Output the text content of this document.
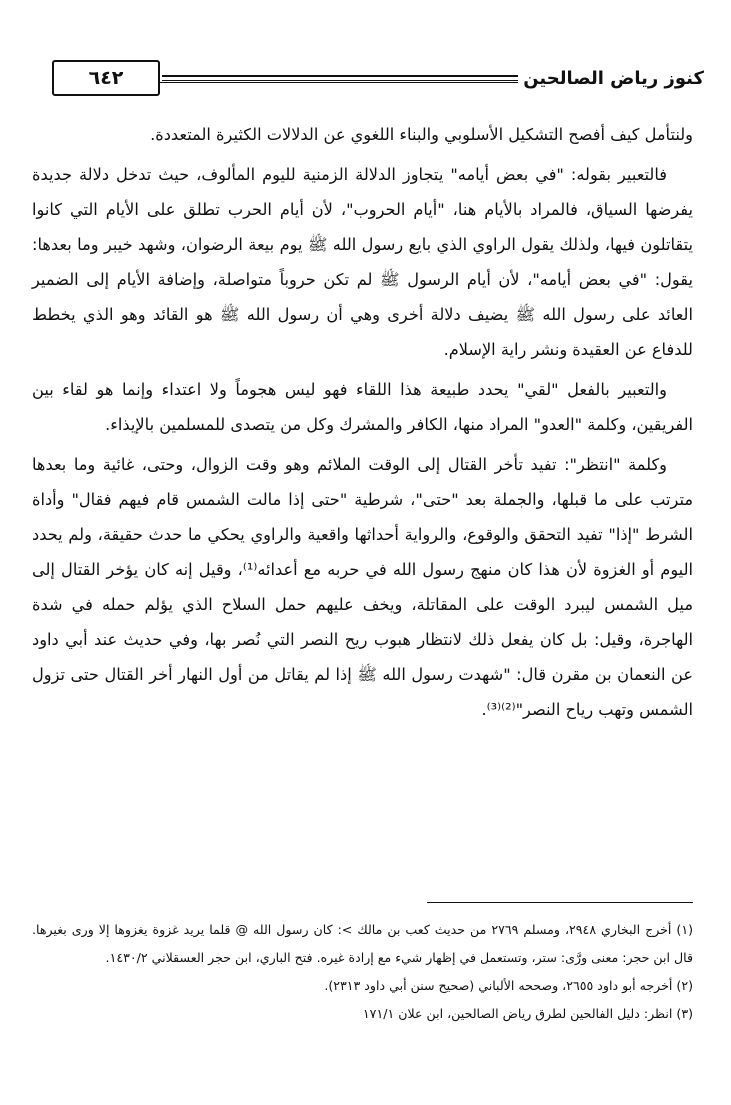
كنوز رياض الصالحين
٦٤٢

ولنتأمل كيف أفصح التشكيل الأسلوبي والبناء اللغوي عن الدلالات الكثيرة المتعددة.

فالتعبير بقوله: "في بعض أيامه" يتجاوز الدلالة الزمنية لليوم المألوف، حيث تدخل دلالة جديدة يفرضها السياق، فالمراد بالأيام هنا، "أيام الحروب"، لأن أيام الحرب تطلق على الأيام التي كانوا يتقاتلون فيها، ولذلك يقول الراوي الذي بايع رسول الله ﷺ يوم بيعة الرضوان، وشهد خيبر وما بعدها: يقول: "في بعض أيامه"، لأن أيام الرسول ﷺ لم تكن حروباً متواصلة، وإضافة الأيام إلى الضمير العائد على رسول الله ﷺ يضيف دلالة أخرى وهي أن رسول الله ﷺ هو القائد وهو الذي يخطط للدفاع عن العقيدة ونشر راية الإسلام.

والتعبير بالفعل "لقي" يحدد طبيعة هذا اللقاء فهو ليس هجوماً ولا اعتداء وإنما هو لقاء بين الفريقين، وكلمة "العدو" المراد منها، الكافر والمشرك وكل من يتصدى للمسلمين بالإيذاء.

وكلمة "انتظر": تفيد تأخر القتال إلى الوقت الملائم وهو وقت الزوال، وحتى، غائية وما بعدها مترتب على ما قبلها، والجملة بعد "حتى"، شرطية "حتى إذا مالت الشمس قام فيهم فقال" وأداة الشرط "إذا" تفيد التحقق والوقوع، والرواية أحداثها واقعية والراوي يحكي ما حدث حقيقة، ولم يحدد اليوم أو الغزوة لأن هذا كان منهج رسول الله في حربه مع أعدائه⁽¹⁾، وقيل إنه كان يؤخر القتال إلى ميل الشمس ليبرد الوقت على المقاتلة، ويخف عليهم حمل السلاح الذي يؤلم حمله في شدة الهاجرة، وقيل: بل كان يفعل ذلك لانتظار هبوب ريح النصر التي نُصر بها، وفي حديث عند أبي داود عن النعمان بن مقرن قال: "شهدت رسول الله ﷺ إذا لم يقاتل من أول النهار أخر القتال حتى تزول الشمس وتهب رياح النصر"⁽²⁾⁽³⁾.

(١) أخرج البخاري ٢٩٤٨، ومسلم ٢٧٦٩ من حديث كعب بن مالك >: كان رسول الله @ قلما يريد غزوة يغزوها إلا ورى بغيرها. قال ابن حجر: معنى ورَّى: ستر، وتستعمل في إظهار شيء مع إرادة غيره. فتح الباري، ابن حجر العسقلاني ١٤٣٠/٢.

(٢) أخرجه أبو داود ٢٦٥٥، وصححه الألباني (صحيح سنن أبي داود ٢٣١٣).

(٣) انظر: دليل الفالحين لطرق رياض الصالحين، ابن علان ١٧١/١
